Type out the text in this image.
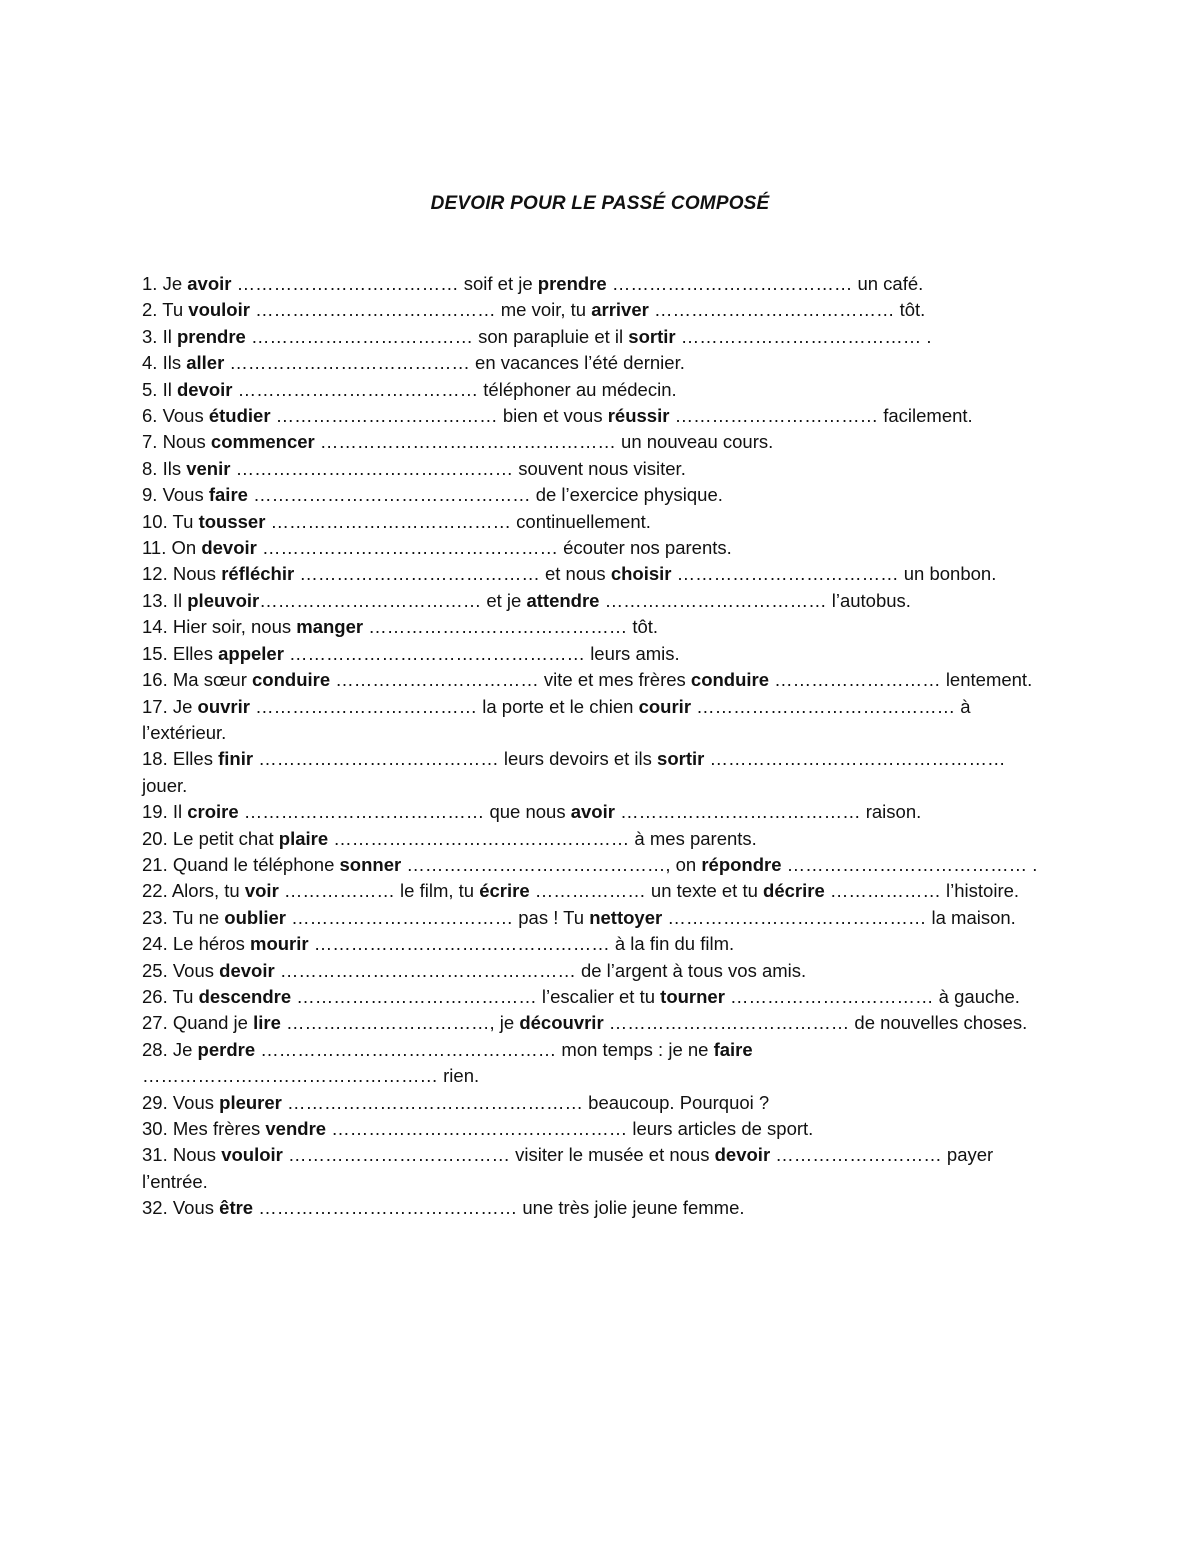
DEVOIR POUR LE PASSÉ COMPOSÉ

1. Je avoir ……………………………… soif et je prendre ………………………………… un café.

2. Tu vouloir ………………………………… me voir, tu arriver ………………………………… tôt.

3. Il prendre ……………………………… son parapluie et il sortir ………………………………… .

4. Ils aller ………………………………… en vacances l’été dernier.

5. Il devoir ………………………………… téléphoner au médecin.

6. Vous étudier ……………………………… bien et vous réussir …………………………… facilement.

7. Nous commencer ………………………………………… un nouveau cours.

8. Ils venir ……………………………………… souvent nous visiter.

9. Vous faire ……………………………………… de l’exercice physique.

10. Tu tousser ………………………………… continuellement.

11. On devoir ………………………………………… écouter nos parents.

12. Nous réfléchir ………………………………… et nous choisir ……………………………… un bonbon.

13. Il pleuvoir……………………………… et je attendre ……………………………… l’autobus.

14. Hier soir, nous manger …………………………………… tôt.

15. Elles appeler ………………………………………… leurs amis.

16. Ma sœur conduire …………………………… vite et mes frères conduire ……………………… lentement.

17. Je ouvrir ……………………………… la porte et le chien courir …………………………………… à l’extérieur.

18. Elles finir ………………………………… leurs devoirs et ils sortir ………………………………………… jouer.

19. Il croire ………………………………… que nous avoir ………………………………… raison.

20. Le petit chat plaire ………………………………………… à mes parents.

21. Quand le téléphone sonner ……………………………………, on répondre ………………………………… .

22. Alors, tu voir ……………… le film, tu écrire ……………… un texte et tu décrire ……………… l’histoire.

23. Tu ne oublier ……………………………… pas ! Tu nettoyer …………………………………… la maison.

24. Le héros mourir ………………………………………… à la fin du film.

25. Vous devoir ………………………………………… de l’argent à tous vos amis.

26. Tu descendre ………………………………… l’escalier et tu tourner …………………………… à gauche.

27. Quand je lire ……………………………, je découvrir ………………………………… de nouvelles choses.

28. Je perdre ………………………………………… mon temps : je ne faire ………………………………………… rien.

29. Vous pleurer ………………………………………… beaucoup. Pourquoi ?

30. Mes frères vendre ………………………………………… leurs articles de sport.

31. Nous vouloir ……………………………… visiter le musée et nous devoir ……………………… payer l’entrée.

32. Vous être …………………………………… une très jolie jeune femme.
